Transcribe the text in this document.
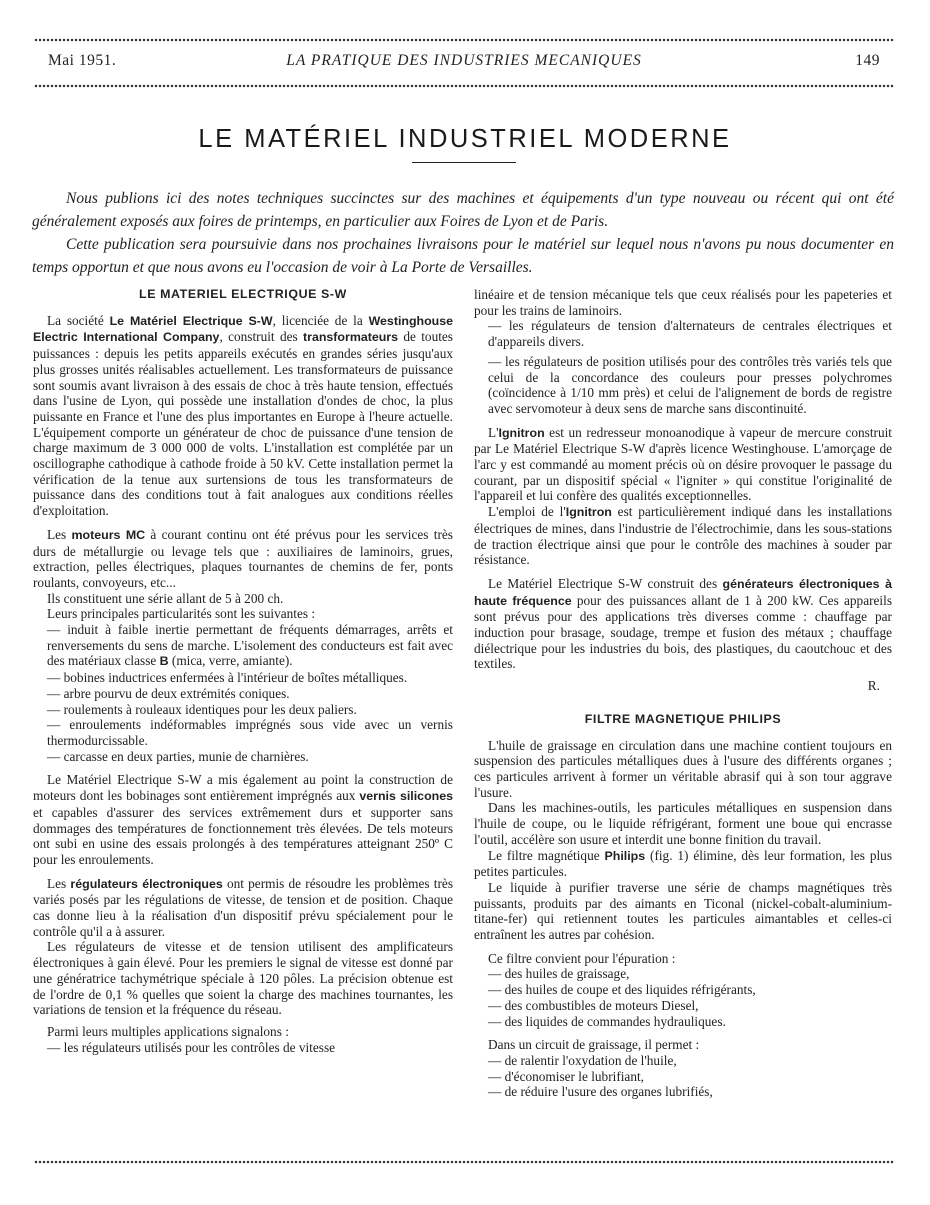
LA PRATIQUE DES INDUSTRIES MECANIQUES
Mai 1951.	149
LE MATÉRIEL INDUSTRIEL MODERNE
Nous publions ici des notes techniques succinctes sur des machines et équipements d'un type nouveau ou récent qui ont été généralement exposés aux foires de printemps, en particulier aux Foires de Lyon et de Paris.
Cette publication sera poursuivie dans nos prochaines livraisons pour le matériel sur lequel nous n'avons pu nous documenter en temps opportun et que nous avons eu l'occasion de voir à La Porte de Versailles.
LE MATERIEL ELECTRIQUE S-W

La société Le Matériel Electrique S-W, licenciée de la Westinghouse Electric International Company, construit des transformateurs de toutes puissances : depuis les petits appareils exécutés en grandes séries jusqu'aux plus grosses unités réalisables actuellement. Les transformateurs de puissance sont soumis avant livraison à des essais de choc à très haute tension, effectués dans l'usine de Lyon, qui possède une installation d'ondes de choc, la plus puissante en France et l'une des plus importantes en Europe à l'heure actuelle. L'équipement comporte un générateur de choc de puissance d'une tension de charge maximum de 3 000 000 de volts. L'installation est complétée par un oscillographe cathodique à cathode froide à 50 kV. Cette installation permet la vérification de la tenue aux surtensions de tous les transformateurs de puissance dans des conditions tout à fait analogues aux conditions réelles d'exploitation.

Les moteurs MC à courant continu ont été prévus pour les services très durs de métallurgie ou levage tels que : auxiliaires de laminoirs, grues, extraction, pelles électriques, plaques tournantes de chemins de fer, ponts roulants, convoyeurs, etc...

Ils constituent une série allant de 5 à 200 ch.

Leurs principales particularités sont les suivantes :

— induit à faible inertie permettant de fréquents démarrages, arrêts et renversements du sens de marche. L'isolement des conducteurs est fait avec des matériaux classe B (mica, verre, amiante).

— bobines inductrices enfermées à l'intérieur de boîtes métalliques.

— arbre pourvu de deux extrémités coniques.

— roulements à rouleaux identiques pour les deux paliers.

— enroulements indéformables imprégnés sous vide avec un vernis thermodurcissable.

— carcasse en deux parties, munie de charnières.

Le Matériel Electrique S-W a mis également au point la construction de moteurs dont les bobinages sont entièrement imprégnés aux vernis silicones et capables d'assurer des services extrêmement durs et supporter sans dommages des températures de fonctionnement très élevées. De tels moteurs ont subi en usine des essais prolongés à des températures atteignant 250º C pour les enroulements.

Les régulateurs électroniques ont permis de résoudre les problèmes très variés posés par les régulations de vitesse, de tension et de position. Chaque cas donne lieu à la réalisation d'un dispositif prévu spécialement pour le contrôle qu'il a à assurer.

Les régulateurs de vitesse et de tension utilisent des amplificateurs électroniques à gain élevé. Pour les premiers le signal de vitesse est donné par une génératrice tachymétrique spéciale à 120 pôles. La précision obtenue est de l'ordre de 0,1 % quelles que soient la charge des machines tournantes, les variations de tension et la fréquence du réseau.

Parmi leurs multiples applications signalons :

— les régulateurs utilisés pour les contrôles de vitesse

linéaire et de tension mécanique tels que ceux réalisés pour les papeteries et pour les trains de laminoirs.

— les régulateurs de tension d'alternateurs de centrales électriques et d'appareils divers.

— les régulateurs de position utilisés pour des contrôles très variés tels que celui de la concordance des couleurs pour presses polychromes (coïncidence à 1/10 mm près) et celui de l'alignement de bords de registre avec servomoteur à deux sens de marche sans discontinuité.

L'Ignitron est un redresseur monoanodique à vapeur de mercure construit par Le Matériel Electrique S-W d'après licence Westinghouse. L'amorçage de l'arc y est commandé au moment précis où on désire provoquer le passage du courant, par un dispositif spécial « l'igniter » qui constitue l'originalité de l'appareil et lui confère des qualités exceptionnelles.

L'emploi de l'Ignitron est particulièrement indiqué dans les installations électriques de mines, dans l'industrie de l'électrochimie, dans les sous-stations de traction électrique ainsi que pour le contrôle des machines à souder par résistance.

Le Matériel Electrique S-W construit des générateurs électroniques à haute fréquence pour des puissances allant de 1 à 200 kW. Ces appareils sont prévus pour des applications très diverses comme : chauffage par induction pour brasage, soudage, trempe et fusion des métaux ; chauffage diélectrique pour les industries du bois, des plastiques, du caoutchouc et des textiles.

R.

FILTRE MAGNETIQUE PHILIPS

L'huile de graissage en circulation dans une machine contient toujours en suspension des particules métalliques dues à l'usure des différents organes ; ces particules arrivent à former un véritable abrasif qui à son tour aggrave l'usure.

Dans les machines-outils, les particules métalliques en suspension dans l'huile de coupe, ou le liquide réfrigérant, forment une boue qui encrasse l'outil, accélère son usure et interdit une bonne finition du travail.

Le filtre magnétique Philips (fig. 1) élimine, dès leur formation, les plus petites particules.

Le liquide à purifier traverse une série de champs magnétiques très puissants, produits par des aimants en Ticonal (nickel-cobalt-aluminium-titane-fer) qui retiennent toutes les particules aimantables et celles-ci entraînent les autres par cohésion.

Ce filtre convient pour l'épuration :

— des huiles de graissage,

— des huiles de coupe et des liquides réfrigérants,

— des combustibles de moteurs Diesel,

— des liquides de commandes hydrauliques.

Dans un circuit de graissage, il permet :

— de ralentir l'oxydation de l'huile,

— d'économiser le lubrifiant,

— de réduire l'usure des organes lubrifiés,
